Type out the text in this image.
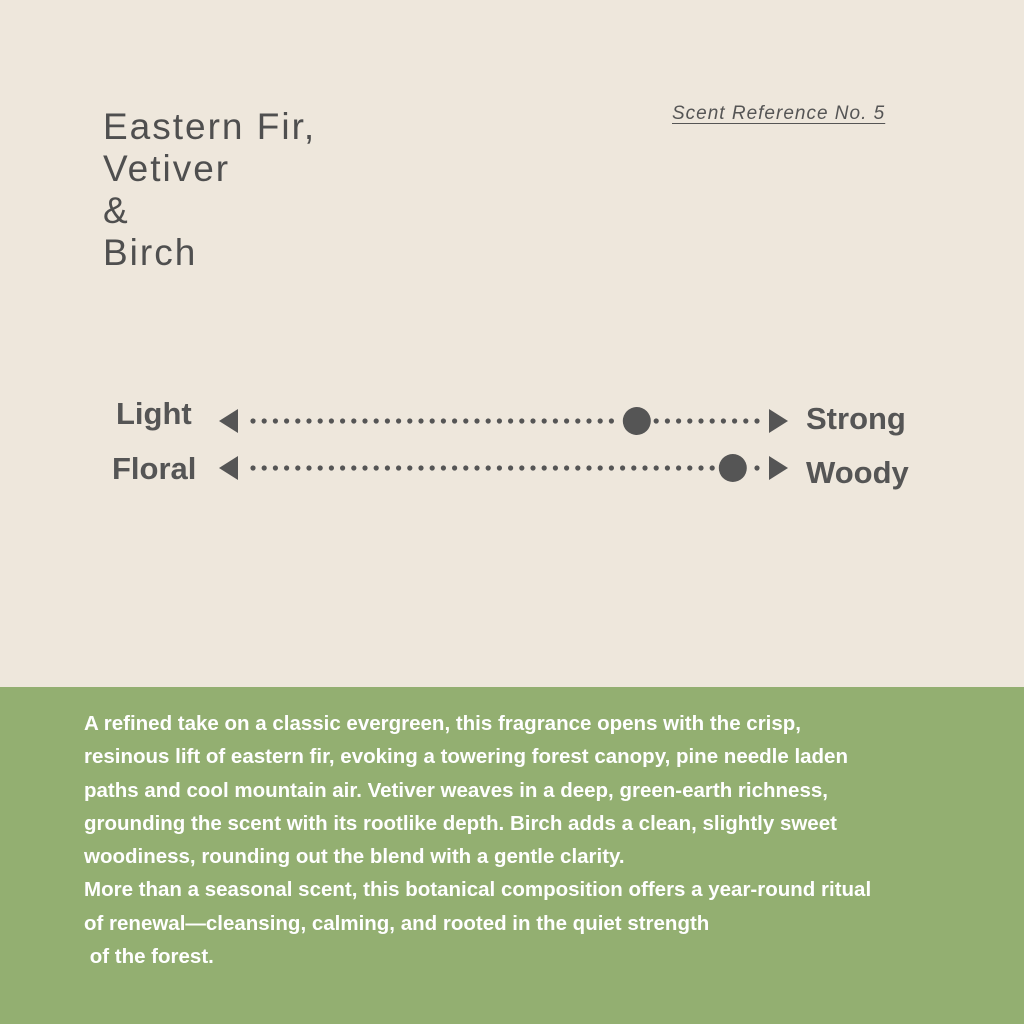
Eastern Fir,
Vetiver
&
Birch
Scent Reference No. 5
Light	Strong
Floral	Woody

A refined take on a classic evergreen, this fragrance opens with the crisp,

resinous lift of eastern fir, evoking a towering forest canopy, pine needle laden

paths and cool mountain air. Vetiver weaves in a deep, green-earth richness,

grounding the scent with its rootlike depth. Birch adds a clean, slightly sweet

woodiness, rounding out the blend with a gentle clarity.

More than a seasonal scent, this botanical composition offers a year-round ritual

of renewal—cleansing, calming, and rooted in the quiet strength

of the forest.
